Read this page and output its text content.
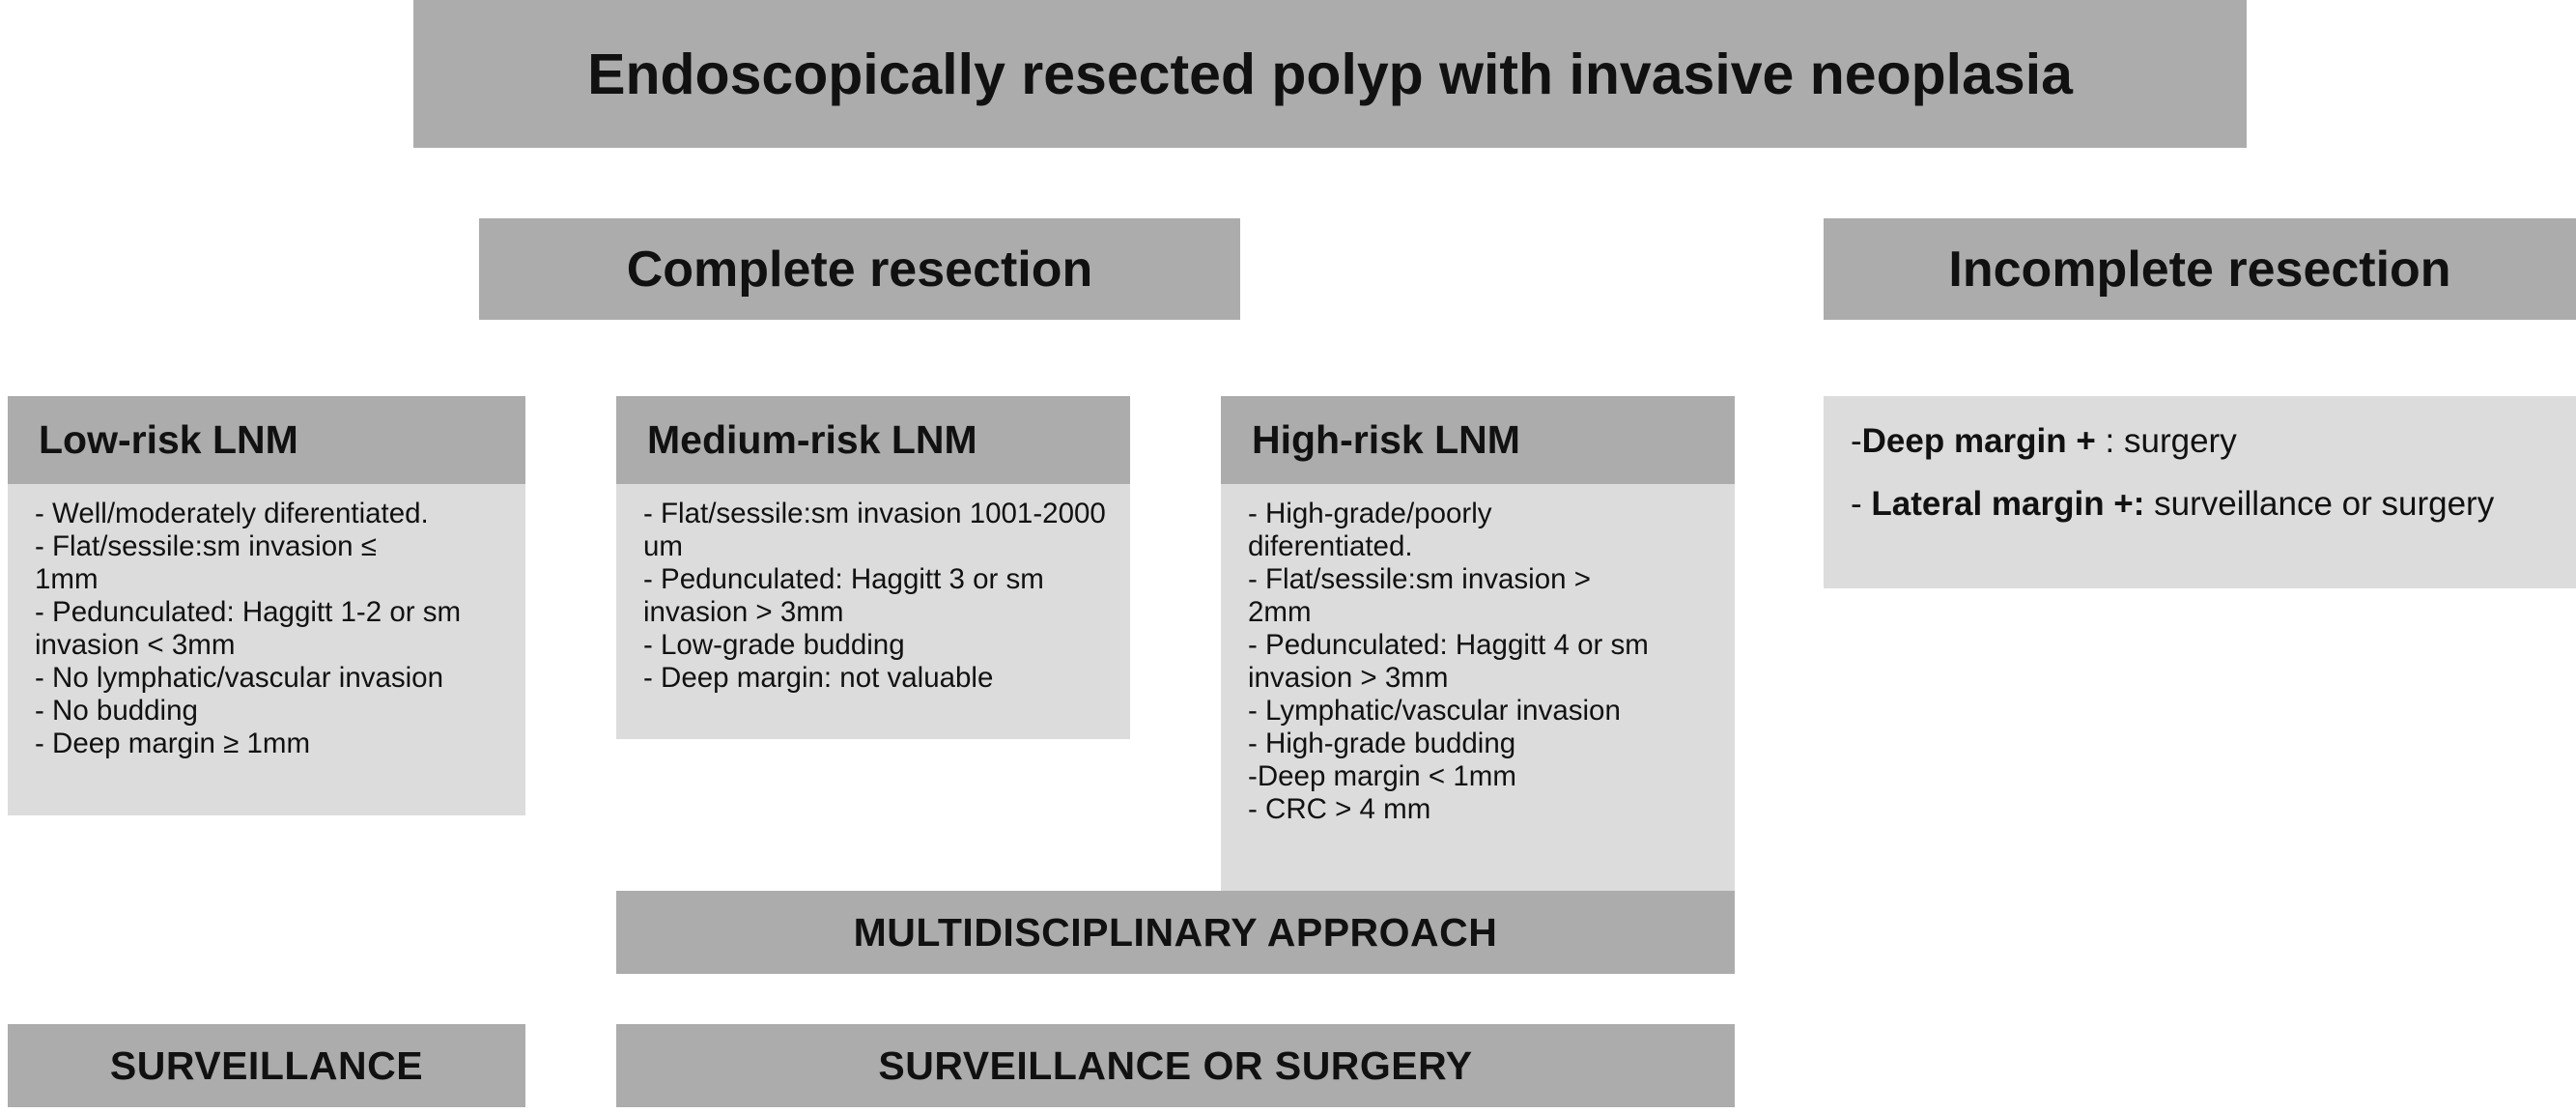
Endoscopically resected polyp with invasive neoplasia
Complete resection	Incomplete resection
Low-risk LNM
- Well/moderately diferentiated.
- Flat/sessile:sm invasion ≤ 1mm
- Pedunculated: Haggitt 1-2 or sm invasion < 3mm
- No lymphatic/vascular invasion
- No budding
- Deep margin ≥ 1mm
Medium-risk LNM
- Flat/sessile:sm invasion 1001-2000 um
- Pedunculated: Haggitt 3 or sm invasion > 3mm
- Low-grade budding
- Deep margin: not valuable
High-risk LNM
- High-grade/poorly diferentiated.
- Flat/sessile:sm invasion > 2mm
- Pedunculated: Haggitt 4 or sm invasion > 3mm
- Lymphatic/vascular invasion
- High-grade budding
-Deep margin < 1mm
- CRC > 4 mm

-Deep margin + : surgery

- Lateral margin +: surveillance or surgery

MULTIDISCIPLINARY APPROACH
SURVEILLANCE	SURVEILLANCE OR SURGERY
